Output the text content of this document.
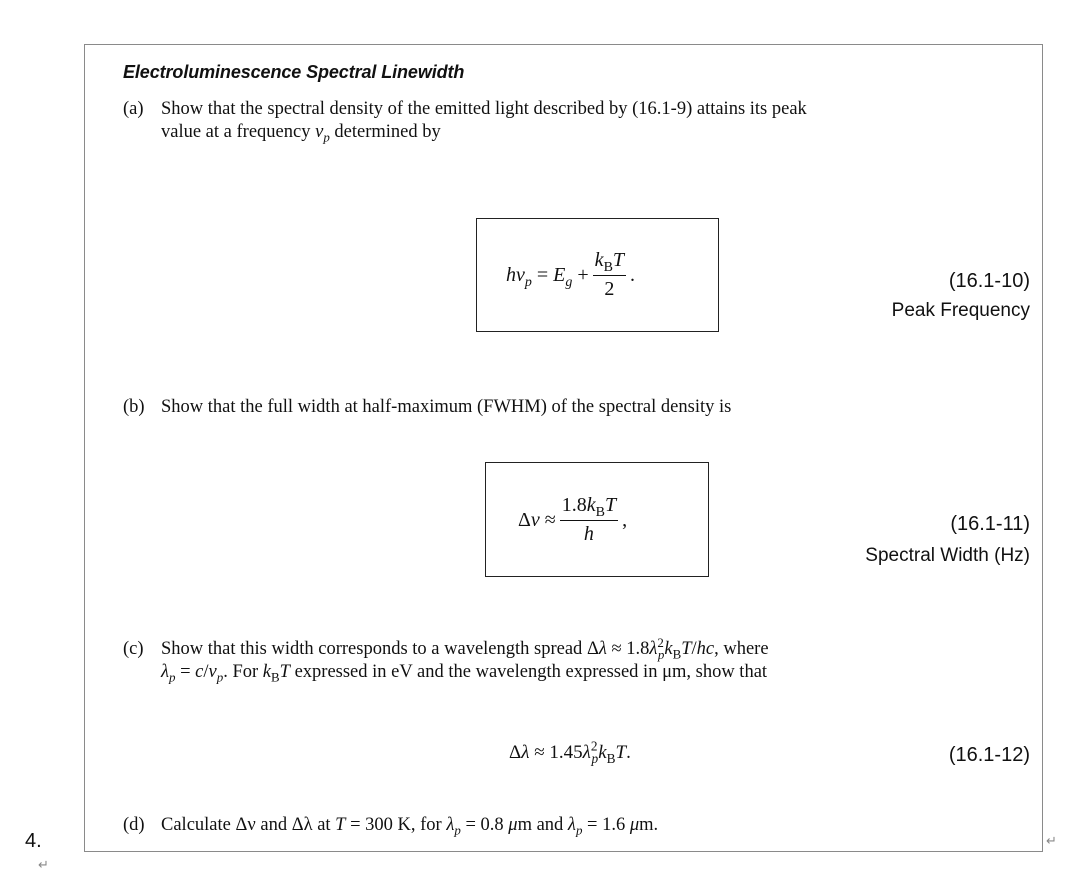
4.
↵
↵
Electroluminescence Spectral Linewidth
(a) Show that the spectral density of the emitted light described by (16.1-9) attains its peak
value at a frequency $\nu_p$ determined by
$h\nu_p = E_g + \frac{k_BT}{2}$ .	(16.1-10)
Peak Frequency
(b) Show that the full width at half-maximum (FWHM) of the spectral density is
$\Delta\nu \approx \frac{1.8k_BT}{h}$ ,	(16.1-11)
Spectral Width (Hz)
(c) Show that this width corresponds to a wavelength spread $\Delta\lambda \approx 1.8\lambda^2_pk_BT/hc$, where
$\lambda_p = c/\nu_p$. For $k_BT$ expressed in eV and the wavelength expressed in μm, show that
$\Delta\lambda \approx 1.45\lambda^2_pk_BT$.	(16.1-12)
(d) Calculate Δν and Δλ at T = 300 K, for $\lambda_p = 0.8$ μm and $\lambda_p = 1.6$ μm.
